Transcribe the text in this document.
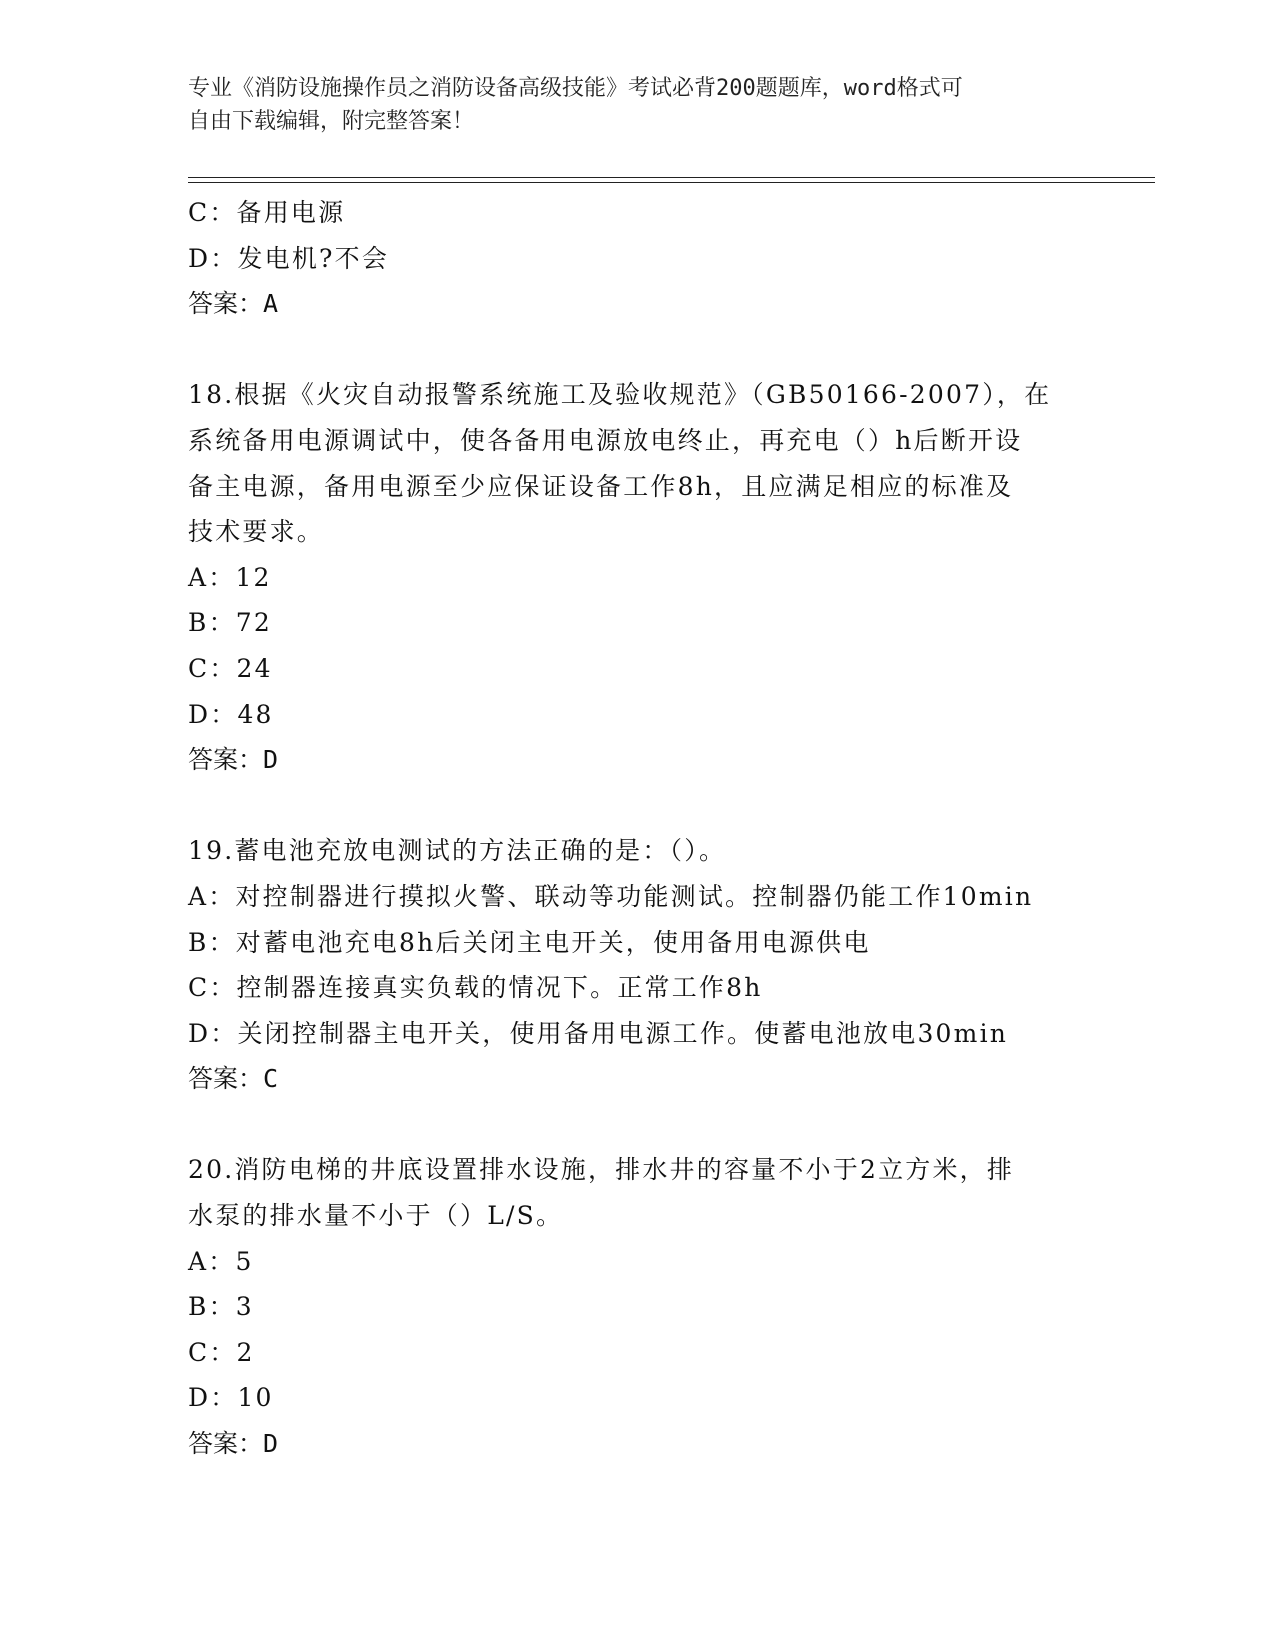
专业《消防设施操作员之消防设备高级技能》考试必背200题题库，word格式可
自由下载编辑，附完整答案！
C：备用电源
D：发电机?不会
答案：A
18.根据《火灾自动报警系统施工及验收规范》（GB50166-2007），在
系统备用电源调试中，使各备用电源放电终止，再充电（）h后断开设
备主电源，备用电源至少应保证设备工作8h，且应满足相应的标准及
技术要求。
A：12
B：72
C：24
D：48
答案：D
19.蓄电池充放电测试的方法正确的是：（）。
A：对控制器进行摸拟火警、联动等功能测试。控制器仍能工作10min
B：对蓄电池充电8h后关闭主电开关，使用备用电源供电
C：控制器连接真实负载的情况下。正常工作8h
D：关闭控制器主电开关，使用备用电源工作。使蓄电池放电30min
答案：C
20.消防电梯的井底设置排水设施，排水井的容量不小于2立方米，排
水泵的排水量不小于（）L/S。
A：5
B：3
C：2
D：10
答案：D
